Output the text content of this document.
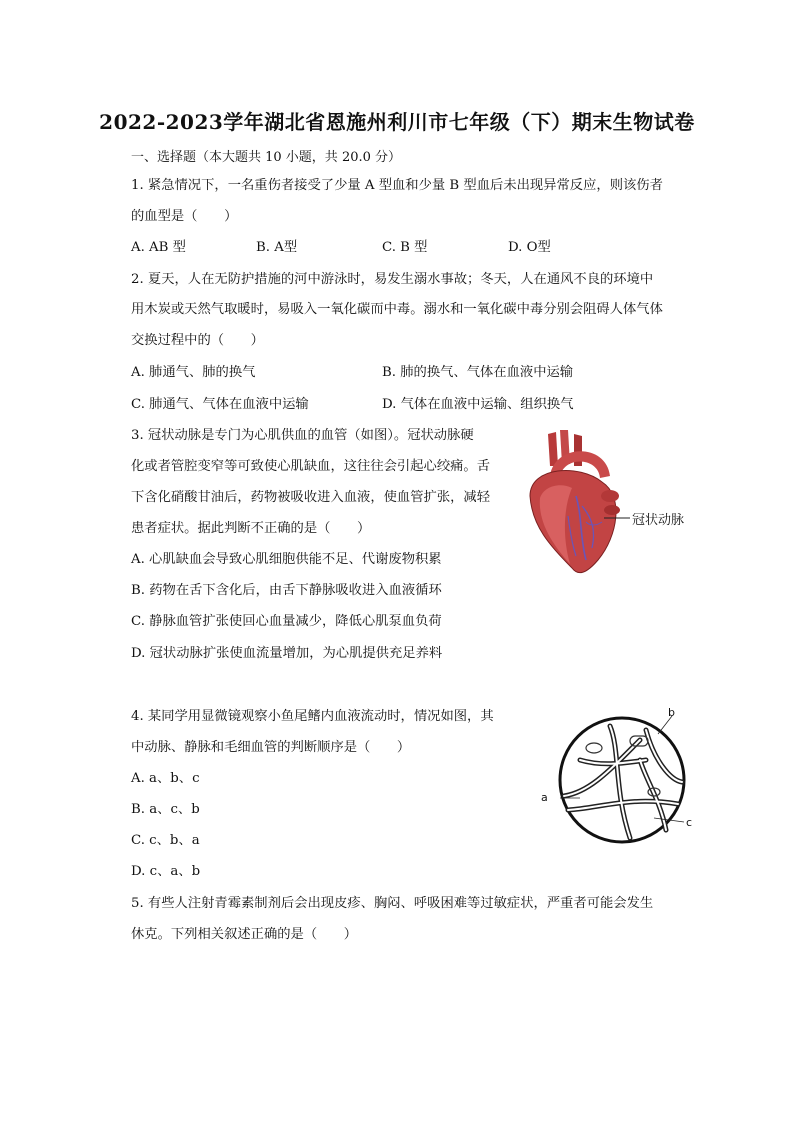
2022-2023学年湖北省恩施州利川市七年级（下）期末生物试卷
一、选择题（本大题共 10 小题，共 20.0 分）
1. 紧急情况下，一名重伤者接受了少量 A 型血和少量 B 型血后未出现异常反应，则该伤者
的血型是（　　）
A. AB 型	B. A型	C. B 型	D. O型
2. 夏天，人在无防护措施的河中游泳时，易发生溺水事故；冬天，人在通风不良的环境中
用木炭或天然气取暖时，易吸入一氧化碳而中毒。溺水和一氧化碳中毒分别会阻碍人体气体
交换过程中的（　　）
A. 肺通气、肺的换气	B. 肺的换气、气体在血液中运输
C. 肺通气、气体在血液中运输	D. 气体在血液中运输、组织换气
3. 冠状动脉是专门为心肌供血的血管（如图）。冠状动脉硬
化或者管腔变窄等可致使心肌缺血，这往往会引起心绞痛。舌
下含化硝酸甘油后，药物被吸收进入血液，使血管扩张，减轻
患者症状。据此判断不正确的是（　　）
A. 心肌缺血会导致心肌细胞供能不足、代谢废物积累
B. 药物在舌下含化后，由舌下静脉吸收进入血液循环
C. 静脉血管扩张使回心血量减少，降低心肌泵血负荷
D. 冠状动脉扩张使血流量增加，为心肌提供充足养料
冠状动脉
4. 某同学用显微镜观察小鱼尾鳍内血液流动时，情况如图，其
中动脉、静脉和毛细血管的判断顺序是（　　）
A. a、b、c
B. a、c、b
C. c、b、a
D. c、a、b
b
a
c
5. 有些人注射青霉素制剂后会出现皮疹、胸闷、呼吸困难等过敏症状，严重者可能会发生
休克。下列相关叙述正确的是（　　）
